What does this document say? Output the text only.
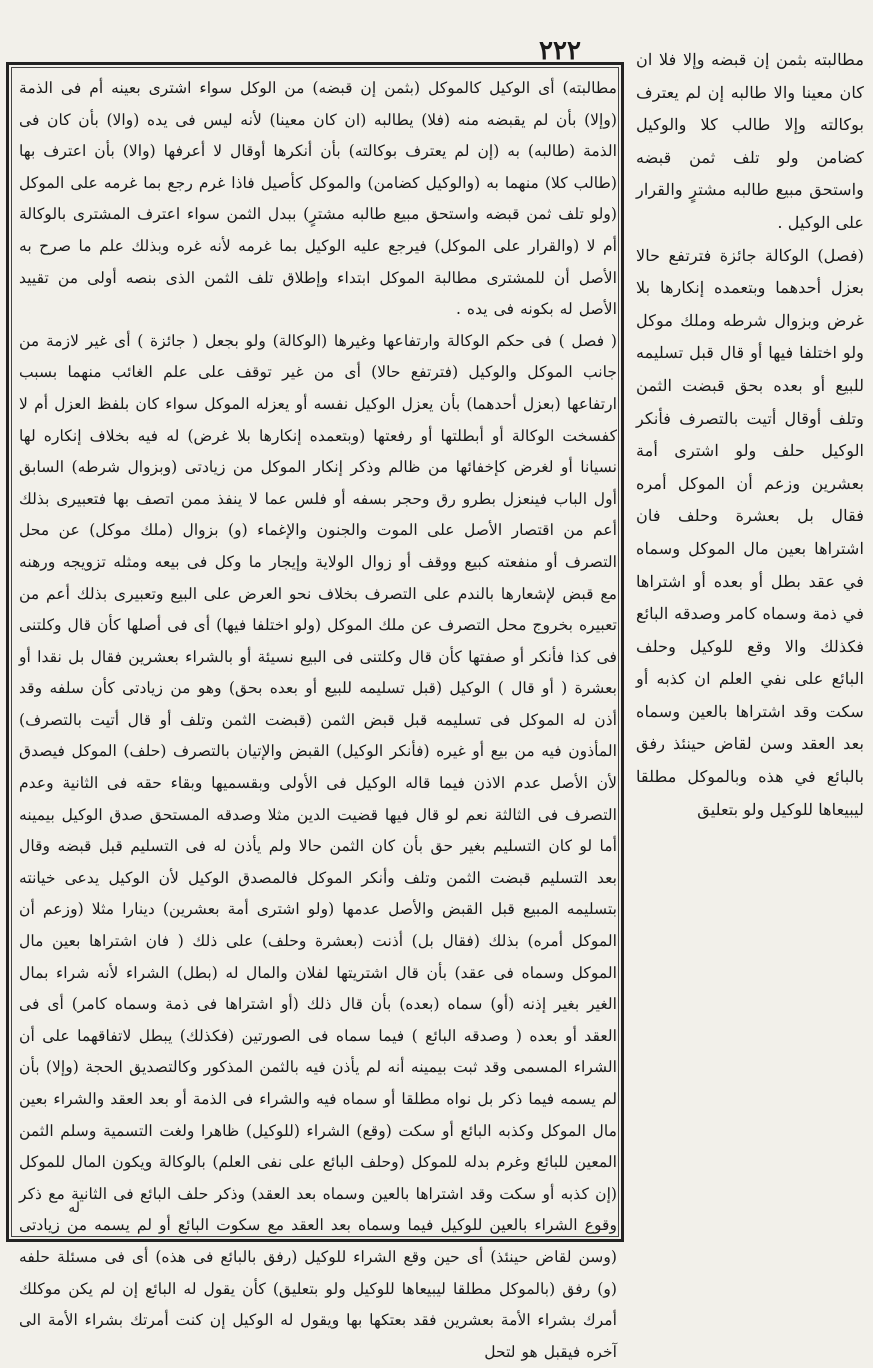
٢٢٢	مطالبته بثمن إن قبضه وإلا فلا ان كان معينا والا طالبه إن لم يعترف بوكالته وإلا طالب كلا والوكيل كضامن ولو تلف ثمن قبضه واستحق مبيع طالبه مشترٍ والقرار على الوكيل .

(فصل) الوكالة جائزة فترتفع حالا بعزل أحدهما وبتعمده إنكارها بلا غرض وبزوال شرطه وملك موكل ولو اختلفا فيها أو قال قبل تسليمه للبيع أو بعده بحق قبضت الثمن وتلف أوقال أتيت بالتصرف فأنكر الوكيل حلف ولو اشترى أمة بعشرين وزعم أن الموكل أمره فقال بل بعشرة وحلف فان اشتراها بعين مال الموكل وسماه في عقد بطل أو بعده أو اشتراها في ذمة وسماه كامر وصدقه البائع فكذلك والا وقع للوكيل وحلف البائع على نفي العلم ان كذبه أو سكت وقد اشتراها بالعين وسماه بعد العقد وسن لقاض حينئذ رفق بالبائع في هذه وبالموكل مطلقا ليبيعاها للوكيل ولو بتعليق

مطالبته) أى الوكيل كالموكل (بثمن إن قبضه) من الوكل سواء اشترى بعينه أم فى الذمة (وإلا) بأن لم يقبضه منه (فلا) يطالبه (ان كان معينا) لأنه ليس فى يده (والا) بأن كان فى الذمة (طالبه) به (إن لم يعترف بوكالته) بأن أنكرها أوقال لا أعرفها (والا) بأن اعترف بها (طالب كلا) منهما به (والوكيل كضامن) والموكل كأصيل فاذا غرم رجع بما غرمه على الموكل (ولو تلف ثمن قبضه واستحق مبيع طالبه مشترٍ) ببدل الثمن سواء اعترف المشترى بالوكالة أم لا (والقرار على الموكل) فيرجع عليه الوكيل بما غرمه لأنه غره وبذلك علم ما صرح به الأصل أن للمشترى مطالبة الموكل ابتداء وإطلاق تلف الثمن الذى بنصه أولى من تقييد الأصل له بكونه فى يده .

( فصل ) فى حكم الوكالة وارتفاعها وغيرها (الوكالة) ولو بجعل ( جائزة ) أى غير لازمة من جانب الموكل والوكيل (فترتفع حالا) أى من غير توقف على علم الغائب منهما بسبب ارتفاعها (بعزل أحدهما) بأن يعزل الوكيل نفسه أو يعزله الموكل سواء كان بلفظ العزل أم لا كفسخت الوكالة أو أبطلتها أو رفعتها (وبتعمده إنكارها بلا غرض) له فيه بخلاف إنكاره لها نسيانا أو لغرض كإخفائها من ظالم وذكر إنكار الموكل من زيادتى (وبزوال شرطه) السابق أول الباب فينعزل بطرو رق وحجر بسفه أو فلس عما لا ينفذ ممن اتصف بها فتعبيرى بذلك أعم من اقتصار الأصل على الموت والجنون والإغماء (و) بزوال (ملك موكل) عن محل التصرف أو منفعته كبيع ووقف أو زوال الولاية وإيجار ما وكل فى بيعه ومثله تزويجه ورهنه مع قبض لإشعارها بالندم على التصرف بخلاف نحو العرض على البيع وتعبيرى بذلك أعم من تعبيره بخروج محل التصرف عن ملك الموكل (ولو اختلفا فيها) أى فى أصلها كأن قال وكلتنى فى كذا فأنكر أو صفتها كأن قال وكلتنى فى البيع نسيئة أو بالشراء بعشرين فقال بل نقدا أو بعشرة ( أو قال ) الوكيل (قبل تسليمه للبيع أو بعده بحق) وهو من زيادتى كأن سلفه وقد أذن له الموكل فى تسليمه قبل قبض الثمن (قبضت الثمن وتلف أو قال أتيت بالتصرف) المأذون فيه من بيع أو غيره (فأنكر الوكيل) القبض والإتيان بالتصرف (حلف) الموكل فيصدق لأن الأصل عدم الاذن فيما قاله الوكيل فى الأولى وبقسميها وبقاء حقه فى الثانية وعدم التصرف فى الثالثة نعم لو قال فيها قضيت الدين مثلا وصدقه المستحق صدق الوكيل بيمينه أما لو كان التسليم بغير حق بأن كان الثمن حالا ولم يأذن له فى التسليم قبل قبضه وقال بعد التسليم قبضت الثمن وتلف وأنكر الموكل فالمصدق الوكيل لأن الوكيل يدعى خيانته بتسليمه المبيع قبل القبض والأصل عدمها (ولو اشترى أمة بعشرين) دينارا مثلا (وزعم أن الموكل أمره) بذلك (فقال بل) أذنت (بعشرة وحلف) على ذلك ( فان اشتراها بعين مال الموكل وسماه فى عقد) بأن قال اشتريتها لفلان والمال له (بطل) الشراء لأنه شراء بمال الغير بغير إذنه (أو) سماه (بعده) بأن قال ذلك (أو اشتراها فى ذمة وسماه كامر) أى فى العقد أو بعده ( وصدقه البائع ) فيما سماه فى الصورتين (فكذلك) يبطل لاتفاقهما على أن الشراء المسمى وقد ثبت بيمينه أنه لم يأذن فيه بالثمن المذكور وكالتصديق الحجة (وإلا) بأن لم يسمه فيما ذكر بل نواه مطلقا أو سماه فيه والشراء فى الذمة أو بعد العقد والشراء بعين مال الموكل وكذبه البائع أو سكت (وقع) الشراء (للوكيل) ظاهرا ولغت التسمية وسلم الثمن المعين للبائع وغرم بدله للموكل (وحلف البائع على نفى العلم) بالوكالة ويكون المال للموكل (إن كذبه أو سكت وقد اشتراها بالعين وسماه بعد العقد) وذكر حلف البائع فى الثانية مع ذكر وقوع الشراء بالعين للوكيل فيما وسماه بعد العقد مع سكوت البائع أو لم يسمه من زيادتى (وسن لقاض حينئذ) أى حين وقع الشراء للوكيل (رفق بالبائع فى هذه) أى فى مسئلة حلفه (و) رفق (بالموكل مطلقا ليبيعاها للوكيل ولو بتعليق) كأن يقول له البائع إن لم يكن موكلك أمرك بشراء الأمة بعشرين فقد بعتكها بها ويقول له الوكيل إن كنت أمرتك بشراء الأمة الى آخره فيقبل هو لتحل

له
